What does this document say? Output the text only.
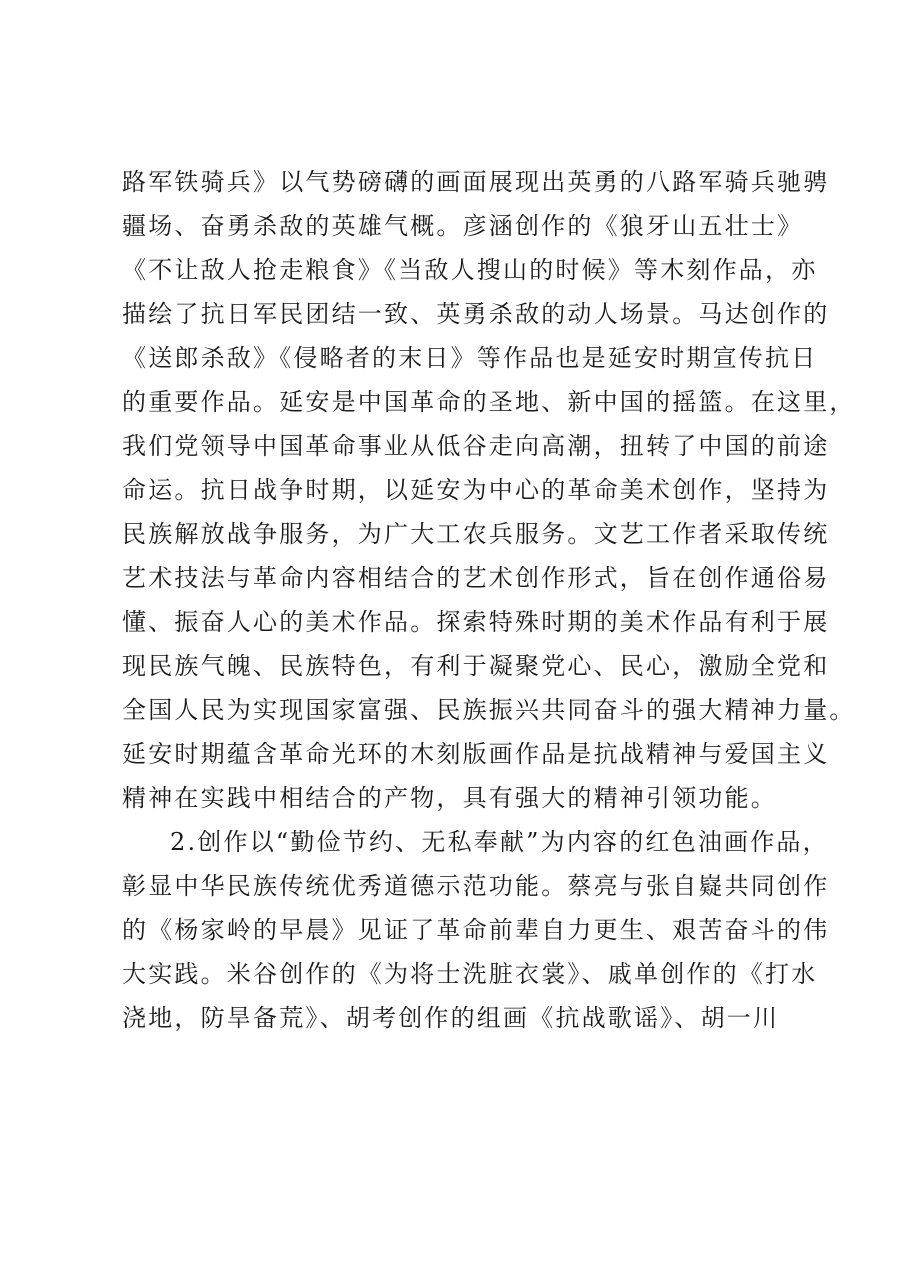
路军铁骑兵》以气势磅礴的画面展现出英勇的八路军骑兵驰骋
疆场、奋勇杀敌的英雄气概。彦涵创作的《狼牙山五壮士》
《不让敌人抢走粮食》《当敌人搜山的时候》等木刻作品，亦
描绘了抗日军民团结一致、英勇杀敌的动人场景。马达创作的
《送郎杀敌》《侵略者的末日》等作品也是延安时期宣传抗日
的重要作品。延安是中国革命的圣地、新中国的摇篮。在这里，
我们党领导中国革命事业从低谷走向高潮，扭转了中国的前途
命运。抗日战争时期，以延安为中心的革命美术创作，坚持为
民族解放战争服务，为广大工农兵服务。文艺工作者采取传统
艺术技法与革命内容相结合的艺术创作形式，旨在创作通俗易
懂、振奋人心的美术作品。探索特殊时期的美术作品有利于展
现民族气魄、民族特色，有利于凝聚党心、民心，激励全党和
全国人民为实现国家富强、民族振兴共同奋斗的强大精神力量。
延安时期蕴含革命光环的木刻版画作品是抗战精神与爱国主义
精神在实践中相结合的产物，具有强大的精神引领功能。
2.创作以“勤俭节约、无私奉献”为内容的红色油画作品，
彰显中华民族传统优秀道德示范功能。蔡亮与张自嶷共同创作
的《杨家岭的早晨》见证了革命前辈自力更生、艰苦奋斗的伟
大实践。米谷创作的《为将士洗脏衣裳》、戚单创作的《打水
浇地，防旱备荒》、胡考创作的组画《抗战歌谣》、胡一川
